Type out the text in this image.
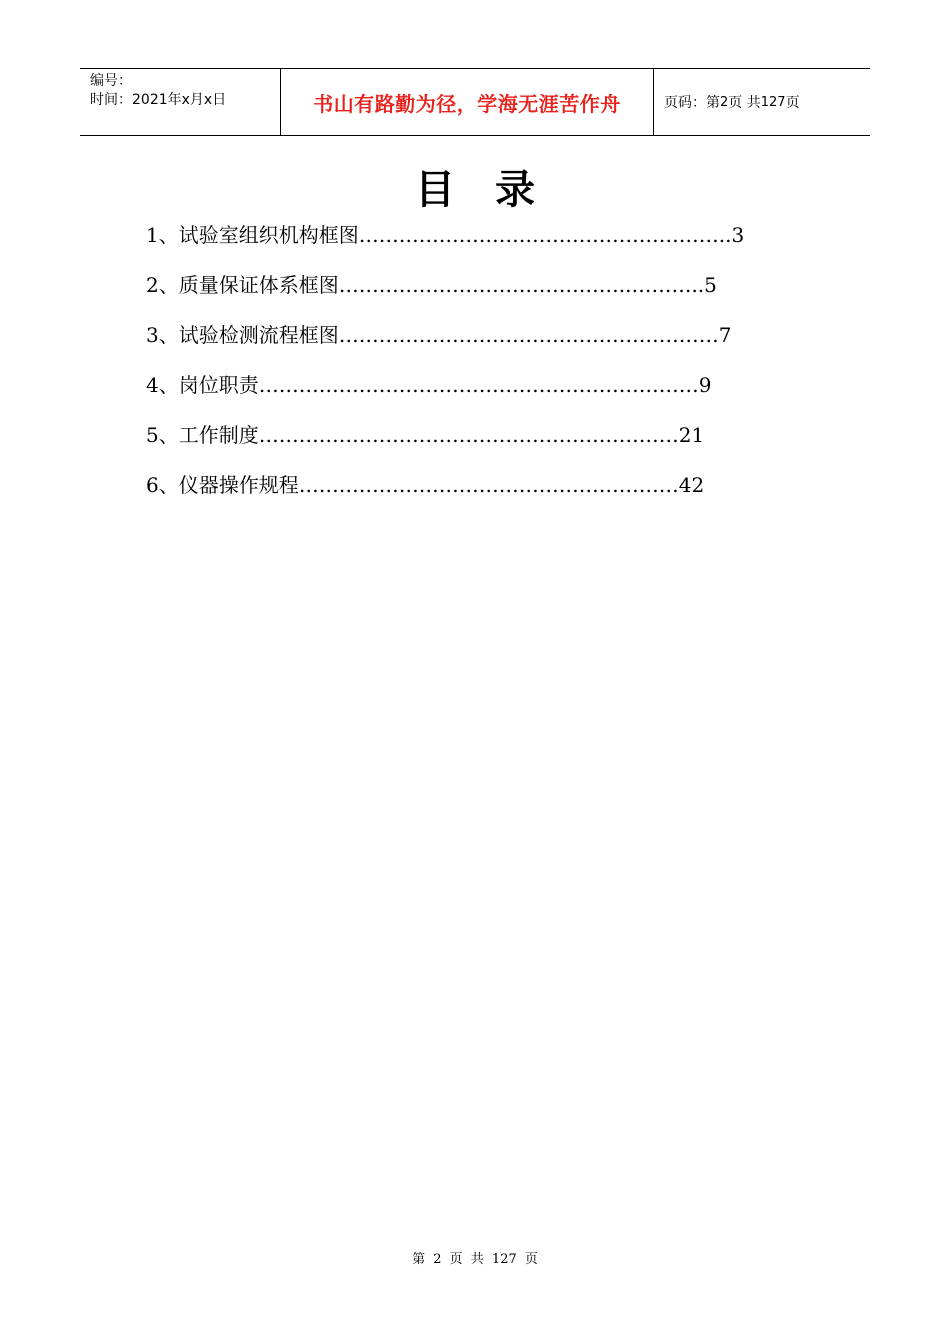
编号：
时间：2021年x月x日	书山有路勤为径，学海无涯苦作舟	页码：第 2 页 共 127 页
目录
1、试验室组织机构框图………………………………………………..3
2、质量保证体系框图……………………………………..………..5
3、试验检测流程框图…………………………………………………7
4、岗位职责…………………………………………………………9
5、工作制度………………………………………………………21
6、仪器操作规程…………………………………………………42
第 2 页 共 127 页
